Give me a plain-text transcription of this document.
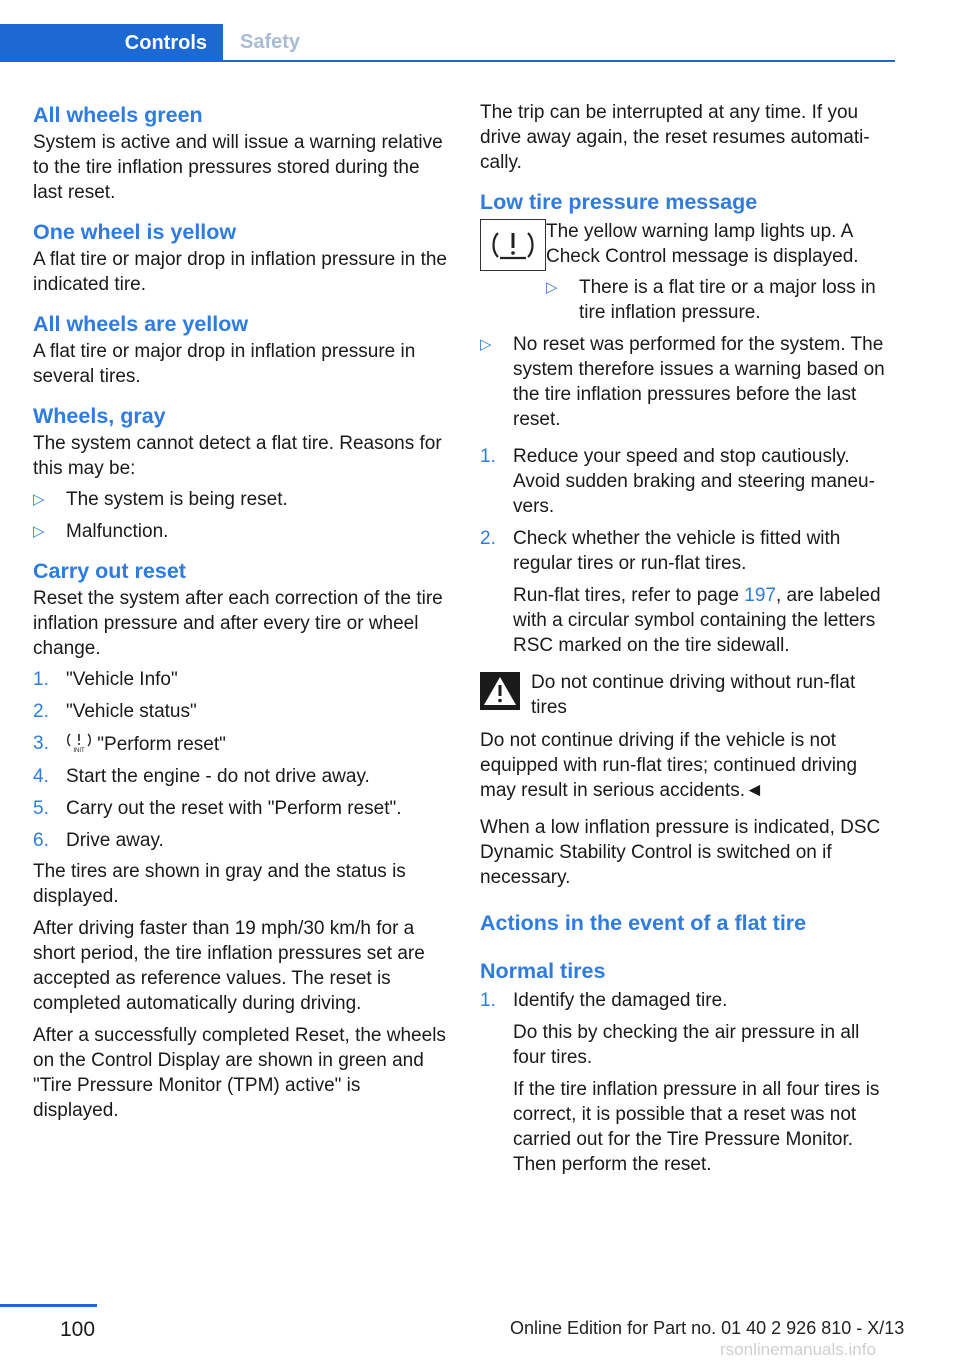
Controls	Safety
All wheels green

System is active and will issue a warning relative to the tire inflation pressures stored during the last reset.

One wheel is yellow

A flat tire or major drop in inflation pressure in the indicated tire.

All wheels are yellow

A flat tire or major drop in inflation pressure in several tires.

Wheels, gray

The system cannot detect a flat tire. Reasons for this may be:

▷ The system is being reset.
▷ Malfunction.
Carry out reset

Reset the system after each correction of the tire inflation pressure and after every tire or wheel change.

1. "Vehicle Info"
2. "Vehicle status"
3.	INIT "Perform reset"
4. Start the engine - do not drive away.
5. Carry out the reset with "Perform reset".
6. Drive away.

The tires are shown in gray and the status is displayed.

After driving faster than 19 mph/30 km/h for a short period, the tire inflation pressures set are accepted as reference values. The reset is completed automatically during driving.

After a successfully completed Reset, the wheels on the Control Display are shown in green and "Tire Pressure Monitor (TPM) active" is displayed.

The trip can be interrupted at any time. If you drive away again, the reset resumes automatically.

Low tire pressure message

The yellow warning lamp lights up. A Check Control message is displayed.

▷ There is a flat tire or a major loss in tire inflation pressure.
▷ No reset was performed for the system. The system therefore issues a warning based on the tire inflation pressures before the last reset.
1. Reduce your speed and stop cautiously. Avoid sudden braking and steering maneuvers.
2. Check whether the vehicle is fitted with regular tires or run-flat tires.

Run-flat tires, refer to page 197, are labeled with a circular symbol containing the letters RSC marked on the tire sidewall.

Do not continue driving without run-flat tires

Do not continue driving if the vehicle is not equipped with run-flat tires; continued driving may result in serious accidents.◄

When a low inflation pressure is indicated, DSC Dynamic Stability Control is switched on if necessary.

Actions in the event of a flat tire
Normal tires
1. Identify the damaged tire.

Do this by checking the air pressure in all four tires.

If the tire inflation pressure in all four tires is correct, it is possible that a reset was not carried out for the Tire Pressure Monitor. Then perform the reset.

100	Online Edition for Part no. 01 40 2 926 810 - X/13
rsonlinemanuals.info
